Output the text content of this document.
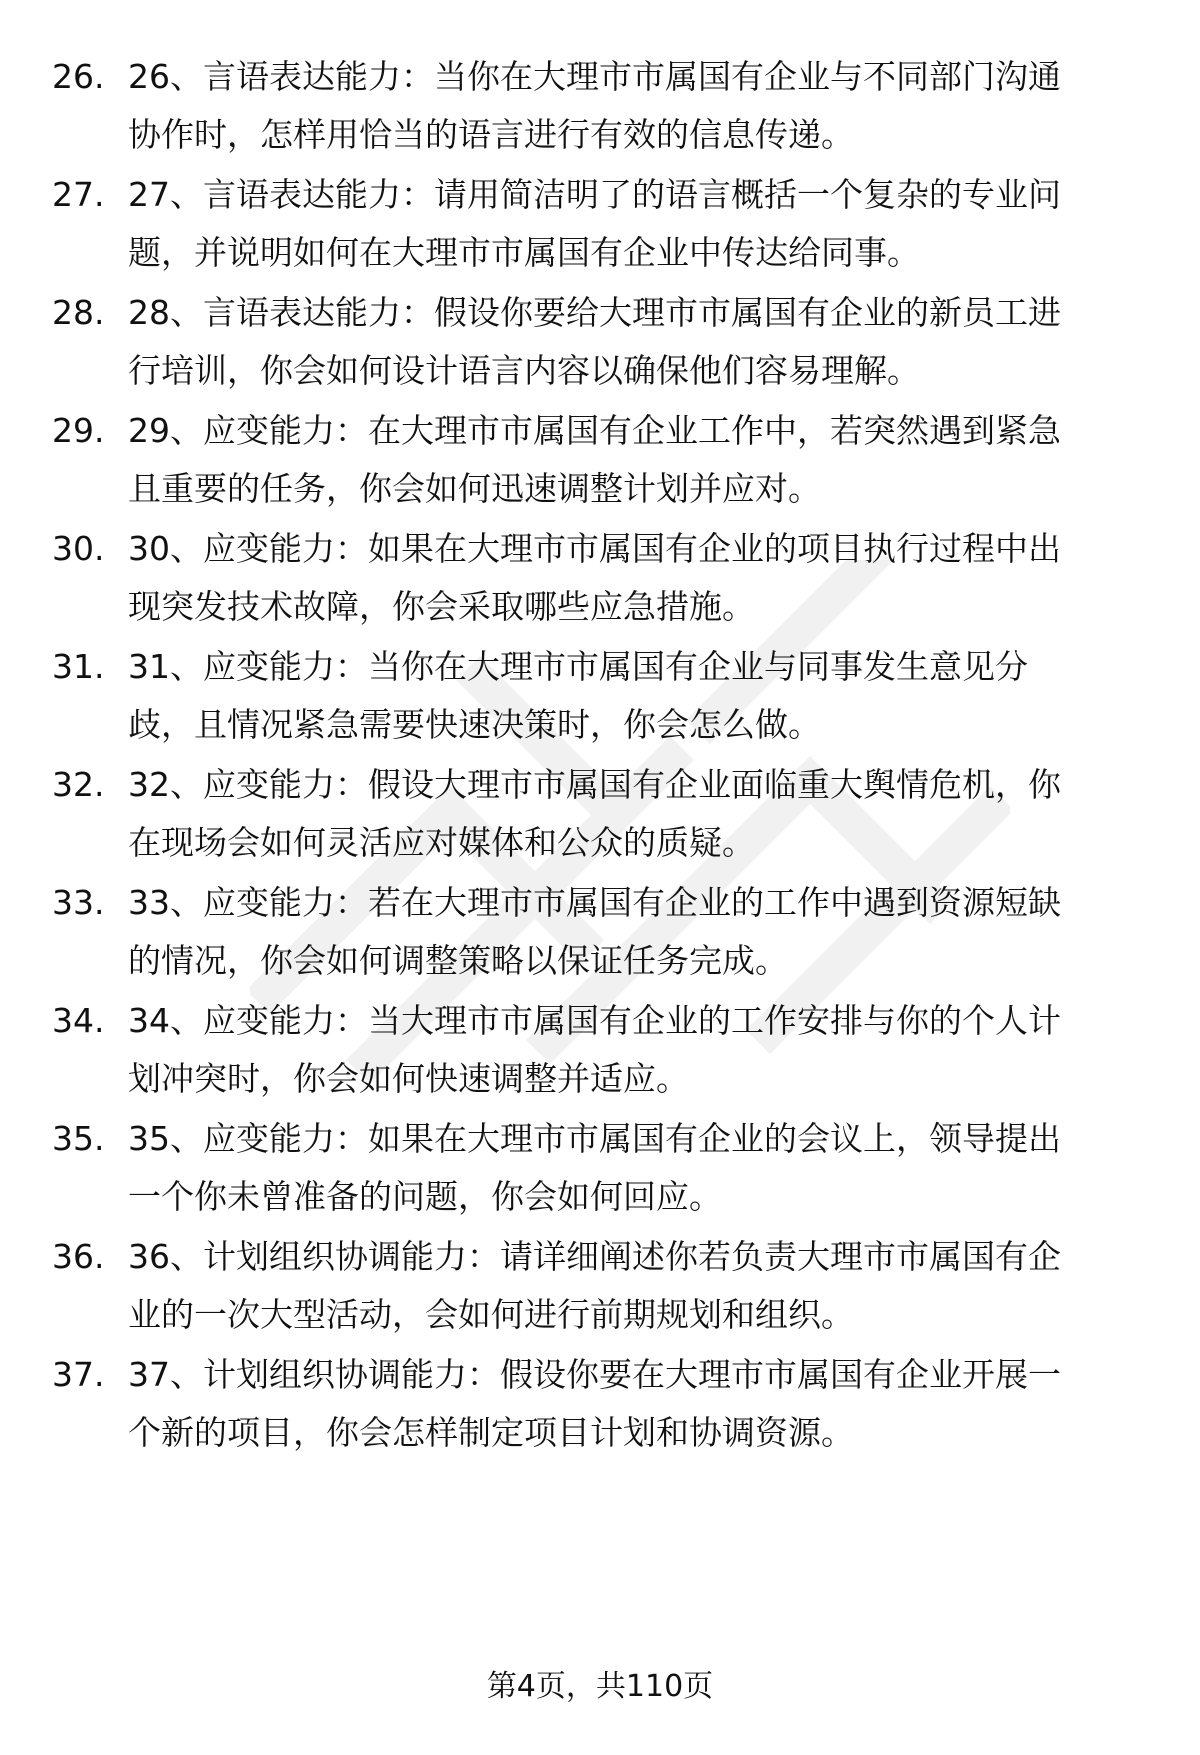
26. 26、言语表达能力：当你在大理市市属国有企业与不同部门沟通
协作时，怎样用恰当的语言进行有效的信息传递。
27. 27、言语表达能力：请用简洁明了的语言概括一个复杂的专业问
题，并说明如何在大理市市属国有企业中传达给同事。
28. 28、言语表达能力：假设你要给大理市市属国有企业的新员工进
行培训，你会如何设计语言内容以确保他们容易理解。
29. 29、应变能力：在大理市市属国有企业工作中，若突然遇到紧急
且重要的任务，你会如何迅速调整计划并应对。
30. 30、应变能力：如果在大理市市属国有企业的项目执行过程中出
现突发技术故障，你会采取哪些应急措施。
31. 31、应变能力：当你在大理市市属国有企业与同事发生意见分
歧，且情况紧急需要快速决策时，你会怎么做。
32. 32、应变能力：假设大理市市属国有企业面临重大舆情危机，你
在现场会如何灵活应对媒体和公众的质疑。
33. 33、应变能力：若在大理市市属国有企业的工作中遇到资源短缺
的情况，你会如何调整策略以保证任务完成。
34. 34、应变能力：当大理市市属国有企业的工作安排与你的个人计
划冲突时，你会如何快速调整并适应。
35. 35、应变能力：如果在大理市市属国有企业的会议上，领导提出
一个你未曾准备的问题，你会如何回应。
36. 36、计划组织协调能力：请详细阐述你若负责大理市市属国有企
业的一次大型活动，会如何进行前期规划和组织。
37. 37、计划组织协调能力：假设你要在大理市市属国有企业开展一
个新的项目，你会怎样制定项目计划和协调资源。
第4页，共110页
